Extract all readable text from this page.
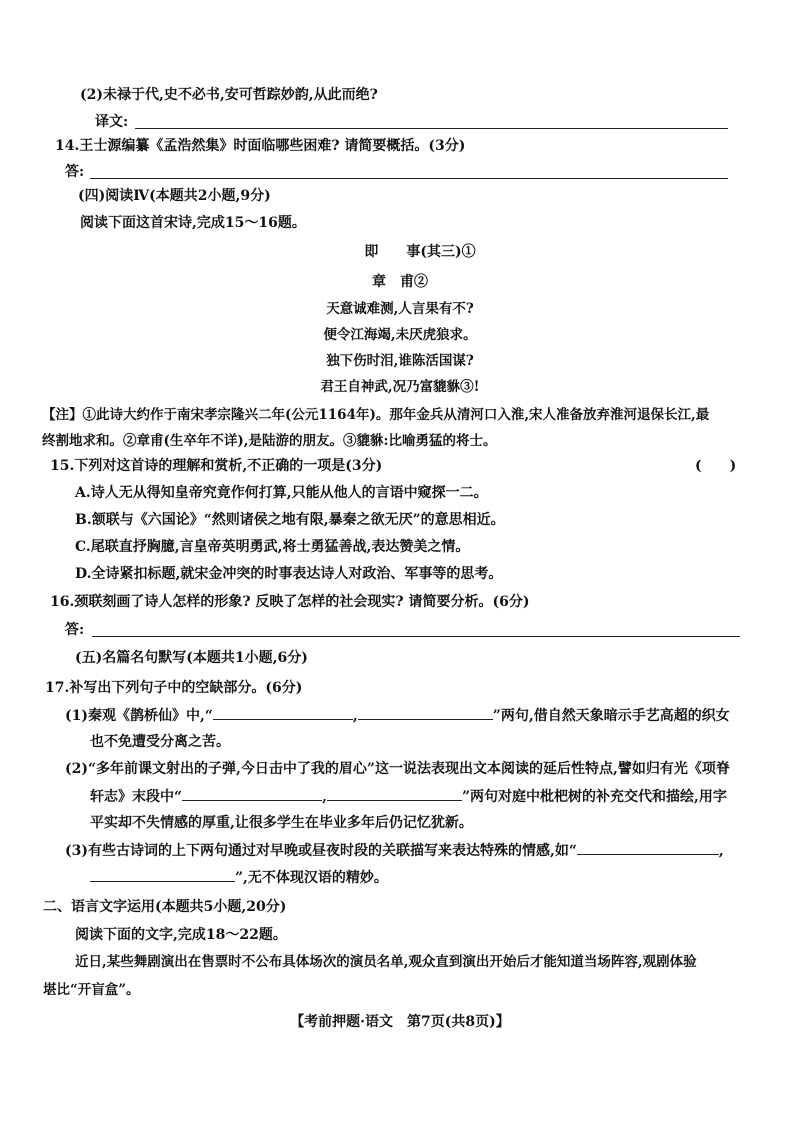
(2)未禄于代,史不必书,安可哲踪妙韵,从此而绝?
译文:
14.王士源编纂《孟浩然集》时面临哪些困难? 请简要概括。(3分)
答:
(四)阅读Ⅳ(本题共2小题,9分)
阅读下面这首宋诗,完成15～16题。
即　　事(其三)①
章　甫②
天意诚难测,人言果有不?
便令江海竭,未厌虎狼求。
独下伤时泪,谁陈活国谋?
君王自神武,况乃富貔貅③!
【注】①此诗大约作于南宋孝宗隆兴二年(公元1164年)。那年金兵从清河口入淮,宋人准备放弃淮河退保长江,最
终割地求和。②章甫(生卒年不详),是陆游的朋友。③貔貅:比喻勇猛的将士。
15.下列对这首诗的理解和赏析,不正确的一项是(3分)	(　　)
A.诗人无从得知皇帝究竟作何打算,只能从他人的言语中窥探一二。
B.颔联与《六国论》“然则诸侯之地有限,暴秦之欲无厌”的意思相近。
C.尾联直抒胸臆,言皇帝英明勇武,将士勇猛善战,表达赞美之情。
D.全诗紧扣标题,就宋金冲突的时事表达诗人对政治、军事等的思考。
16.颈联刻画了诗人怎样的形象? 反映了怎样的社会现实? 请简要分析。(6分)
答:
(五)名篇名句默写(本题共1小题,6分)
17.补写出下列句子中的空缺部分。(6分)
(1)秦观《鹊桥仙》中,“	,	”两句,借自然天象暗示手艺高超的织女
也不免遭受分离之苦。
(2)“多年前课文射出的子弹,今日击中了我的眉心”这一说法表现出文本阅读的延后性特点,譬如归有光《项脊
轩志》末段中“	,	”两句对庭中枇杷树的补充交代和描绘,用字
平实却不失情感的厚重,让很多学生在毕业多年后仍记忆犹新。
(3)有些古诗词的上下两句通过对早晚或昼夜时段的关联描写来表达特殊的情感,如“	,
”,无不体现汉语的精妙。
二、语言文字运用(本题共5小题,20分)
阅读下面的文字,完成18～22题。
近日,某些舞剧演出在售票时不公布具体场次的演员名单,观众直到演出开始后才能知道当场阵容,观剧体验
堪比“开盲盒”。
【考前押题·语文　第7页(共8页)】
